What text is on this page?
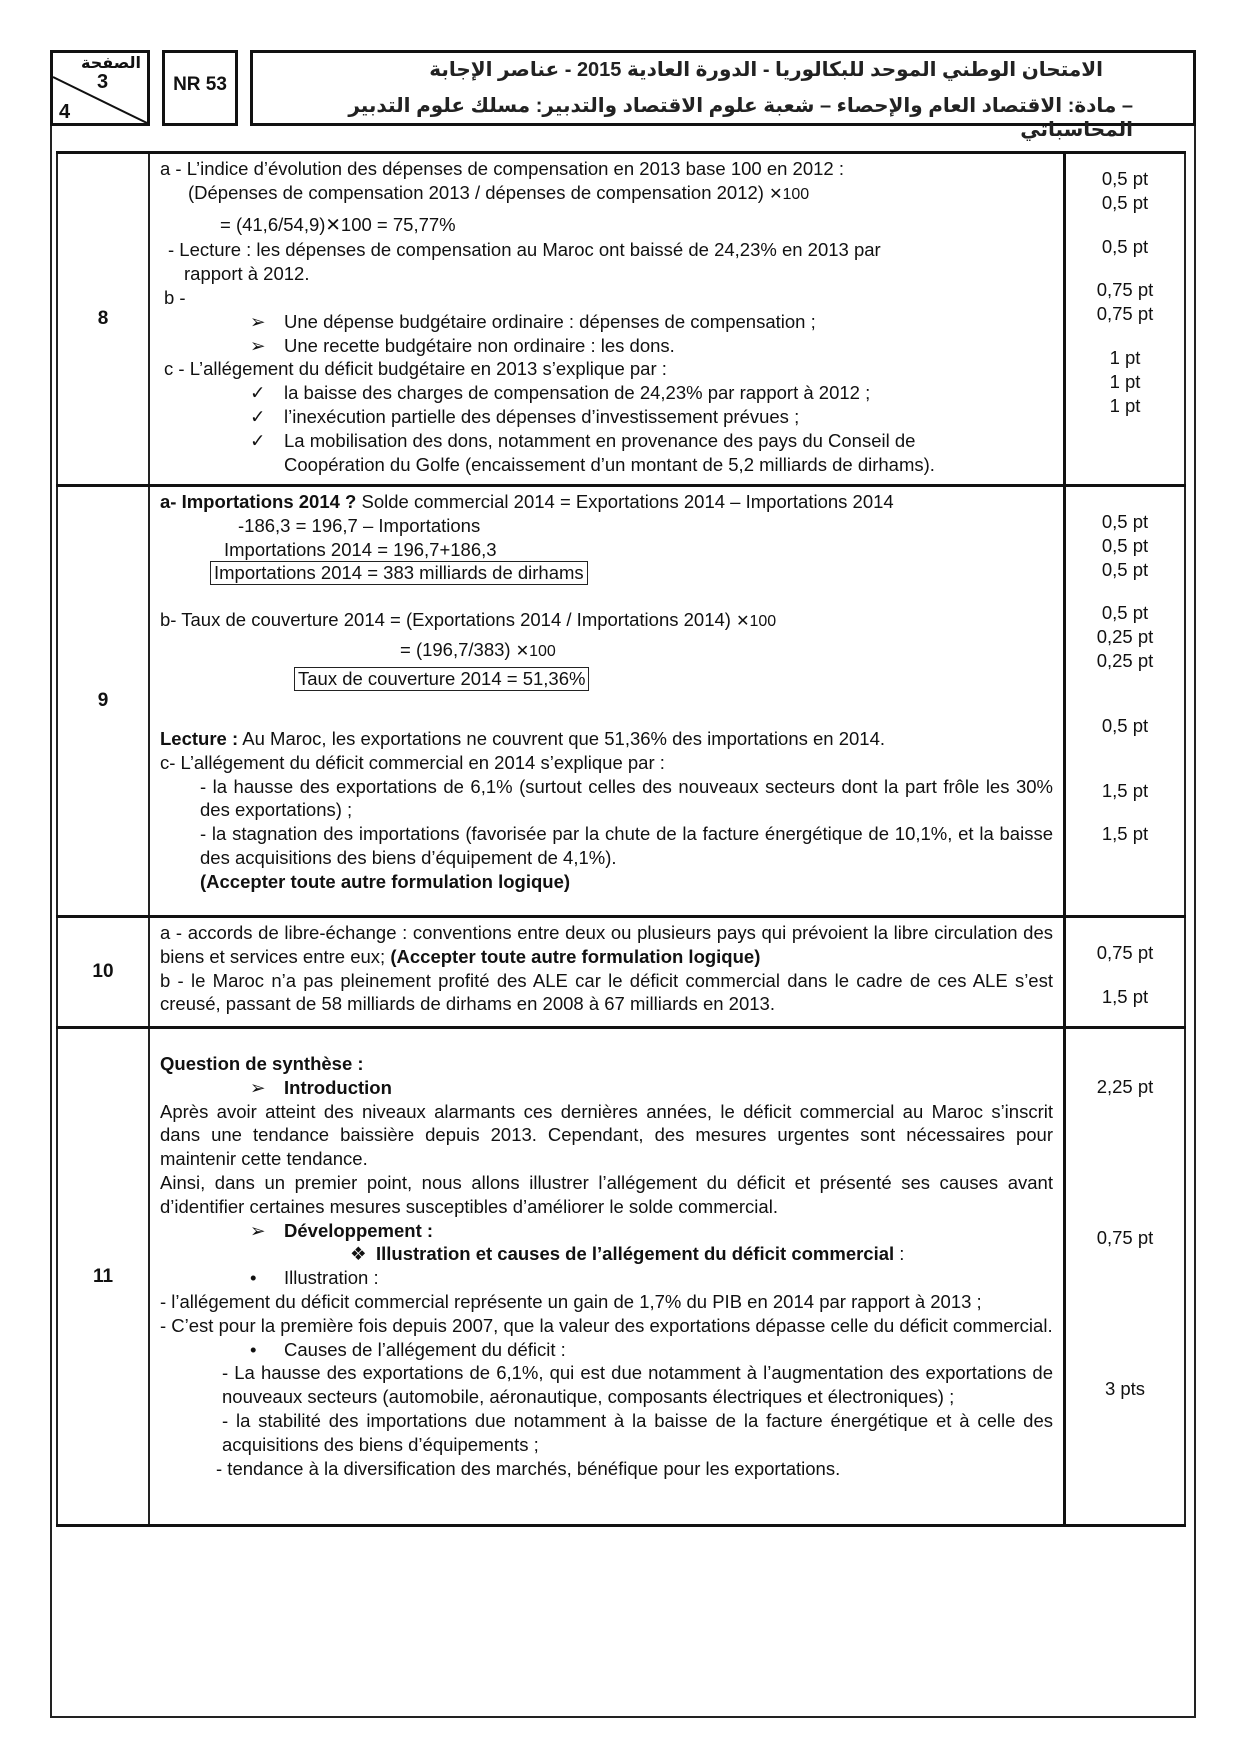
الصفحة
3
4
NR 53
الامتحان الوطني الموحد للبكالوريا - الدورة العادية 2015 - عناصر الإجابة
– مادة: الاقتصاد العام والإحصاء – شعبة علوم الاقتصاد والتدبير: مسلك علوم التدبير المحاسباتي
8
a - L’indice d’évolution des dépenses de compensation en 2013 base 100 en 2012 :
(Dépenses de compensation 2013 / dépenses de compensation 2012) ✕100
= (41,6/54,9)✕100 = 75,77%
- Lecture : les dépenses de compensation au Maroc ont baissé de 24,23% en 2013 par
rapport à 2012.
b -
➢ Une dépense budgétaire ordinaire : dépenses de compensation ;
➢ Une recette budgétaire non ordinaire : les dons.
c - L’allégement du déficit budgétaire en 2013 s’explique par :
✓ la baisse des charges de compensation de 24,23% par rapport à 2012 ;
✓ l’inexécution partielle des dépenses d’investissement prévues ;
✓ La mobilisation des dons, notamment en provenance des pays du Conseil de
Coopération du Golfe (encaissement d’un montant de 5,2 milliards de dirhams).
0,5 pt
0,5 pt
0,5 pt
0,75 pt
0,75 pt
1 pt
1 pt
1 pt
9
a- Importations 2014 ? Solde commercial 2014 = Exportations 2014 – Importations 2014
-186,3 = 196,7 – Importations
Importations 2014 = 196,7+186,3
Importations 2014 = 383 milliards de dirhams
b- Taux de couverture 2014 = (Exportations 2014 / Importations 2014) ✕100
= (196,7/383) ✕100
Taux de couverture 2014 = 51,36%
Lecture : Au Maroc, les exportations ne couvrent que 51,36% des importations en 2014.
c- L’allégement du déficit commercial en 2014 s’explique par :
- la hausse des exportations de 6,1% (surtout celles des nouveaux secteurs dont la part frôle les 30% des exportations) ;
- la stagnation des importations (favorisée par la chute de la facture énergétique de 10,1%, et la baisse des acquisitions des biens d’équipement de 4,1%).
(Accepter toute autre formulation logique)
0,5 pt
0,5 pt
0,5 pt
0,5 pt
0,25 pt
0,25 pt
0,5 pt
1,5 pt
1,5 pt
10
a - accords de libre-échange : conventions entre deux ou plusieurs pays qui prévoient la libre circulation des biens et services entre eux; (Accepter toute autre formulation logique)
b - le Maroc n’a pas pleinement profité des ALE car le déficit commercial dans le cadre de ces ALE s’est creusé, passant de 58 milliards de dirhams en 2008 à 67 milliards en 2013.
0,75 pt
1,5 pt
11
Question de synthèse :
➢ Introduction
Après avoir atteint des niveaux alarmants ces dernières années, le déficit commercial au Maroc s’inscrit dans une tendance baissière depuis 2013. Cependant, des mesures urgentes sont nécessaires pour maintenir cette tendance.
Ainsi, dans un premier point, nous allons illustrer l’allégement du déficit et présenté ses causes avant d’identifier certaines mesures susceptibles d’améliorer le solde commercial.
➢ Développement :
❖ Illustration et causes de l’allégement du déficit commercial :
• Illustration :
- l’allégement du déficit commercial représente un gain de 1,7% du PIB en 2014 par rapport à 2013 ;
- C’est pour la première fois depuis 2007, que la valeur des exportations dépasse celle du déficit commercial.
• Causes de l’allégement du déficit :
- La hausse des exportations de 6,1%, qui est due notamment à l’augmentation des exportations de nouveaux secteurs (automobile, aéronautique, composants électriques et électroniques) ;
- la stabilité des importations due notamment à la baisse de la facture énergétique et à celle des acquisitions des biens d’équipements ;
- tendance à la diversification des marchés, bénéfique pour les exportations.
2,25 pt
0,75 pt
3 pts
